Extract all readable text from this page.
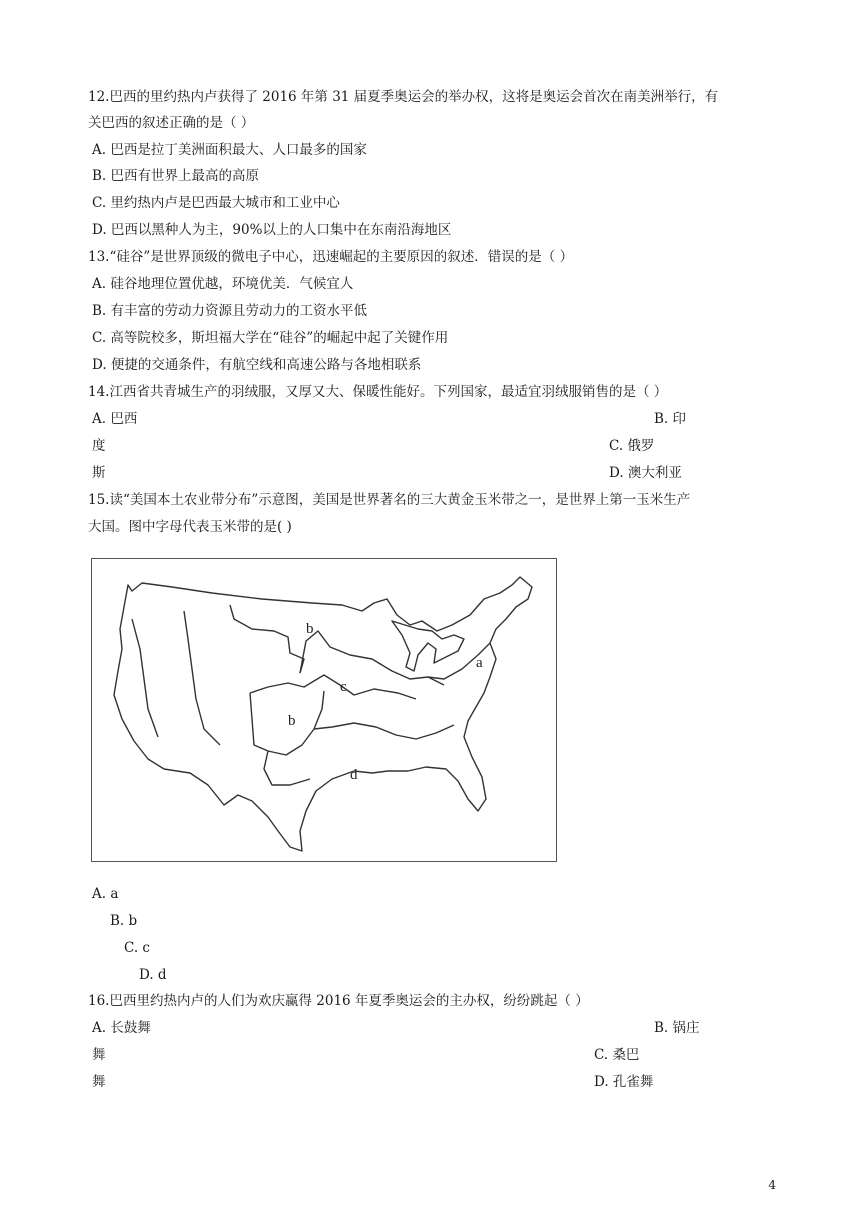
12.巴西的里约热内卢获得了 2016 年第 31 届夏季奥运会的举办权，这将是奥运会首次在南美洲举行，有
关巴西的叙述正确的是（ ）
A. 巴西是拉丁美洲面积最大、人口最多的国家
B. 巴西有世界上最高的高原
C. 里约热内卢是巴西最大城市和工业中心
D. 巴西以黑种人为主，90%以上的人口集中在东南沿海地区
13.“硅谷”是世界顶级的微电子中心，迅速崛起的主要原因的叙述．错误的是（ ）
A. 硅谷地理位置优越，环境优美．气候宜人
B. 有丰富的劳动力资源且劳动力的工资水平低
C. 高等院校多，斯坦福大学在“硅谷”的崛起中起了关键作用
D. 便捷的交通条件，有航空线和高速公路与各地相联系
14.江西省共青城生产的羽绒服，又厚又大、保暖性能好。下列国家，最适宜羽绒服销售的是（ ）
A. 巴西	B. 印
度	C. 俄罗
斯	D. 澳大利亚
15.读“美国本土农业带分布”示意图，美国是世界著名的三大黄金玉米带之一，是世界上第一玉米生产
大国。图中字母代表玉米带的是( )
a
b
b
c
d
A. a
B. b
C. c
D. d
16.巴西里约热内卢的人们为欢庆赢得 2016 年夏季奥运会的主办权，纷纷跳起（ ）
A. 长鼓舞	B. 锅庄
舞	C. 桑巴
舞	D. 孔雀舞
4
